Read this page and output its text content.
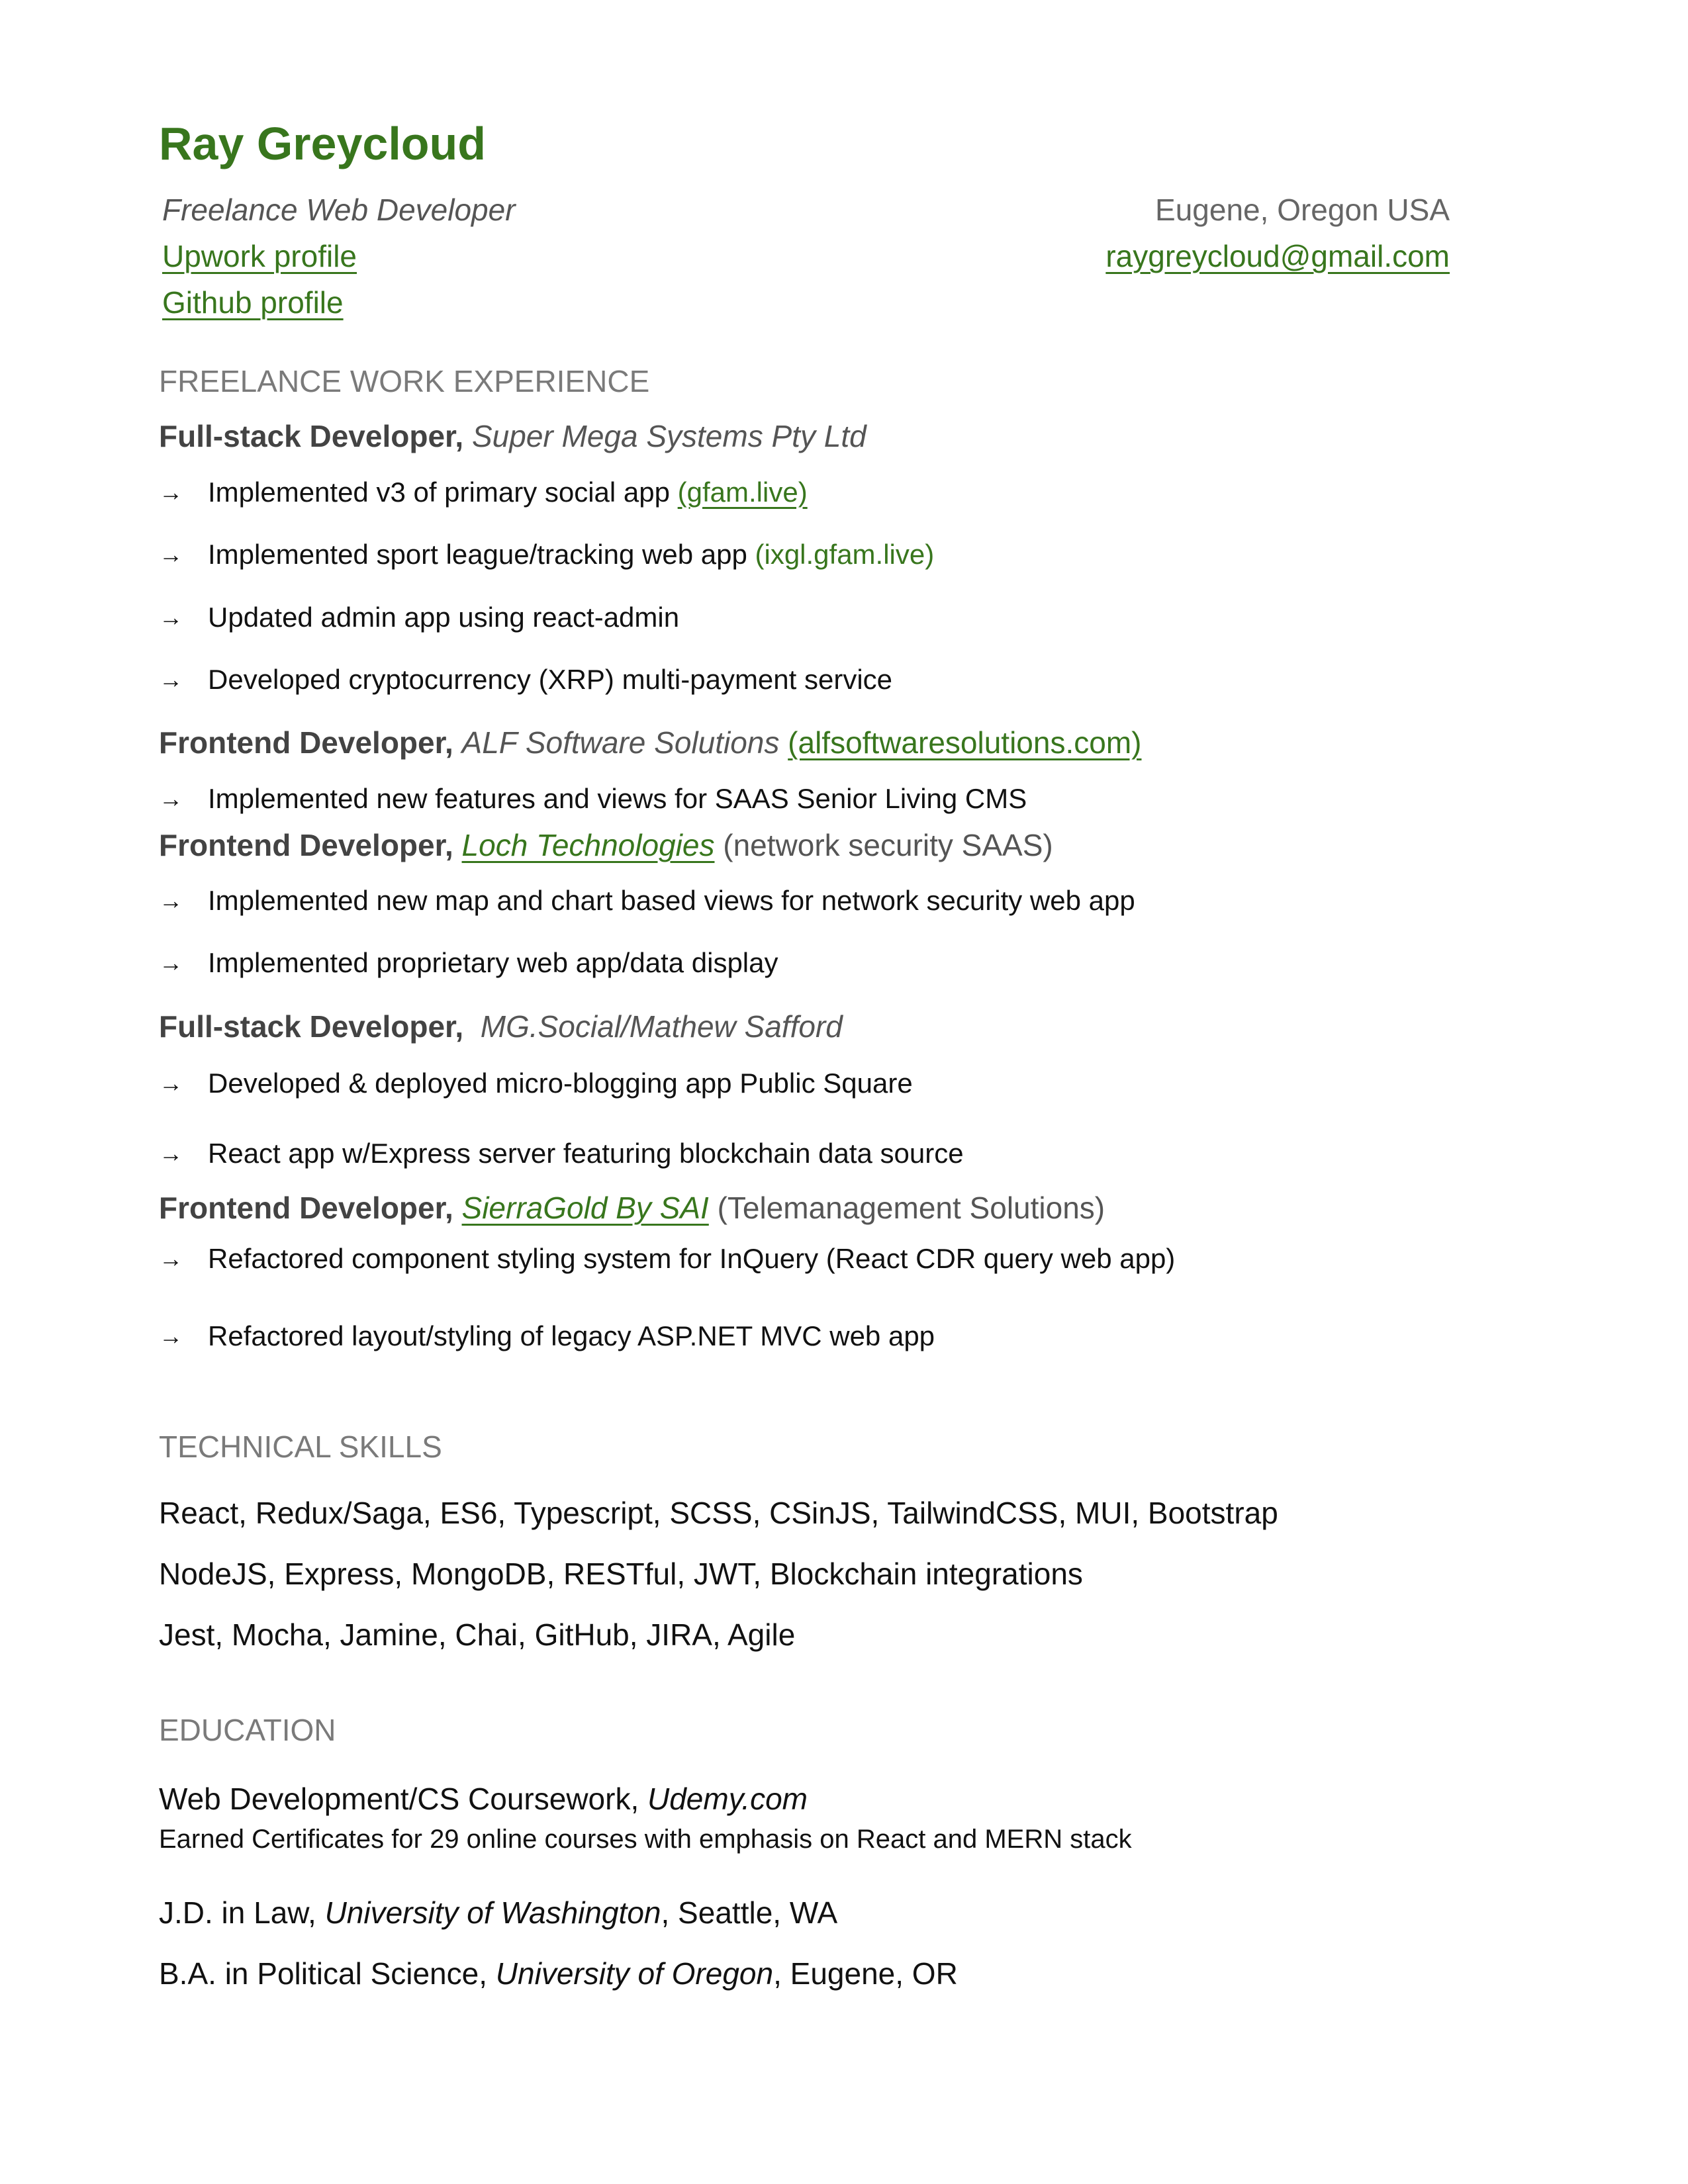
Ray Greycloud
Freelance Web Developer
Upwork profile
Github profile
Eugene, Oregon USA
raygreycloud@gmail.com
FREELANCE WORK EXPERIENCE
Full-stack Developer, Super Mega Systems Pty Ltd
→ Implemented v3 of primary social app (gfam.live)
→ Implemented sport league/tracking web app (ixgl.gfam.live)
→ Updated admin app using react-admin
→ Developed cryptocurrency (XRP) multi-payment service
Frontend Developer, ALF Software Solutions (alfsoftwaresolutions.com)
→ Implemented new features and views for SAAS Senior Living CMS
Frontend Developer, Loch Technologies (network security SAAS)
→ Implemented new map and chart based views for network security web app
→ Implemented proprietary web app/data display
Full-stack Developer, MG.Social/Mathew Safford
→ Developed & deployed micro-blogging app Public Square
→ React app w/Express server featuring blockchain data source
Frontend Developer, SierraGold By SAI (Telemanagement Solutions)
→ Refactored component styling system for InQuery (React CDR query web app)
→ Refactored layout/styling of legacy ASP.NET MVC web app
TECHNICAL SKILLS
React, Redux/Saga, ES6, Typescript, SCSS, CSinJS, TailwindCSS, MUI, Bootstrap
NodeJS, Express, MongoDB, RESTful, JWT, Blockchain integrations
Jest, Mocha, Jamine, Chai, GitHub, JIRA, Agile
EDUCATION
Web Development/CS Coursework, Udemy.com
Earned Certificates for 29 online courses with emphasis on React and MERN stack
J.D. in Law, University of Washington, Seattle, WA
B.A. in Political Science, University of Oregon, Eugene, OR
